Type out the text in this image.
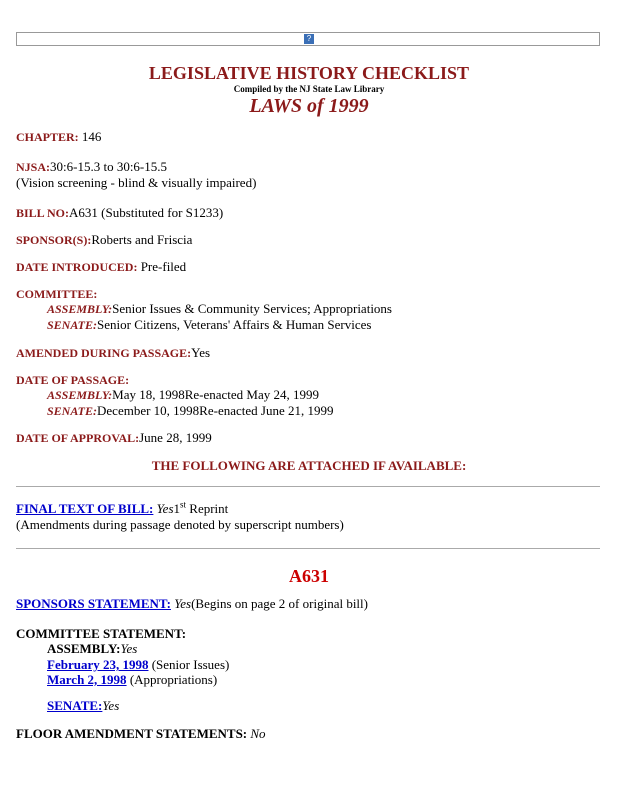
?
LEGISLATIVE HISTORY CHECKLIST
Compiled by the NJ State Law Library
LAWS of 1999
CHAPTER: 146
NJSA:30:6-15.3 to 30:6-15.5
(Vision screening - blind & visually impaired)
BILL NO:A631 (Substituted for S1233)
SPONSOR(S):Roberts and Friscia
DATE INTRODUCED: Pre-filed
COMMITTEE:
ASSEMBLY:Senior Issues & Community Services; Appropriations
SENATE:Senior Citizens, Veterans' Affairs & Human Services
AMENDED DURING PASSAGE:Yes
DATE OF PASSAGE:
ASSEMBLY:May 18, 1998Re-enacted May 24, 1999
SENATE:December 10, 1998Re-enacted June 21, 1999
DATE OF APPROVAL:June 28, 1999
THE FOLLOWING ARE ATTACHED IF AVAILABLE:
FINAL TEXT OF BILL: Yes1st Reprint
(Amendments during passage denoted by superscript numbers)
A631
SPONSORS STATEMENT: Yes(Begins on page 2 of original bill)
COMMITTEE STATEMENT:
ASSEMBLY:Yes
February 23, 1998 (Senior Issues)
March 2, 1998 (Appropriations)
SENATE:Yes
FLOOR AMENDMENT STATEMENTS: No
